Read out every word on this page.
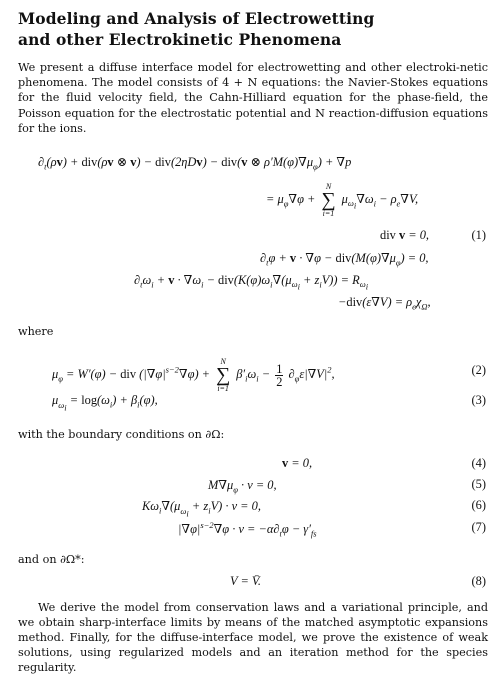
Modeling and Analysis of Electrowetting
and other Electrokinetic Phenomena

We present a diffuse interface model for electrowetting and other electroki-netic phenomena. The model consists of 4 + N equations: the Navier-Stokes equations for the fluid velocity field, the Cahn-Hilliard equation for the phase-field, the Poisson equation for the electrostatic potential and N reaction-diffusion equations for the ions.

$\partial_t(\rho v) + div(\rho v$ ⊗ v) − div(2ηDv) − div(v ⊗ $\rho'M(\varphi)\nabla\mu_\varphi) + \nabla p$
= $\mu_\varphi\nabla\varphi$ +
N
∑
i=1
$\mu_{\omega_i}\nabla\omega_i - \rho_e\nabla V$,
div v = 0,	(1)
$\partial_t\varphi + v \cdot \nabla\varphi - div(M(\varphi)\nabla\mu_\varphi) = 0$,
$\partial_t\omega_i + v \cdot \nabla\omega_i - div(K(\varphi)\omega_i\nabla(\mu_{\omega_i} + z_iV)) = R_{\omega_i}$
$-div(\varepsilon\nabla V) = \rho_e\chi_\Omega$,

where

$\mu_\varphi = W'(\varphi)$ − div $(|\nabla\varphi|^{s-2}\nabla\varphi)$ +
N
∑
i=1
$\beta'_i\omega_i - \frac{1}{2} \partial_\varphi\varepsilon|\nabla V|^2$,	(2)
$\mu_{\omega_i} = \log(\omega_i) + \beta_i(\varphi)$,	(3)

with the boundary conditions on ∂Ω:

v = 0,	(4)
$M\nabla\mu_\varphi \cdot \nu = 0$,	(5)
$K\omega_i\nabla(\mu_{\omega_i} + z_iV) \cdot \nu = 0$,	(6)
$|\nabla\varphi|^{s-2}\nabla\varphi \cdot \nu = -\alpha\partial_t\varphi - \gamma'_{fs}$	(7)

and on ∂Ω*:

V = V̄.	(8)

We derive the model from conservation laws and a variational principle, and we obtain sharp-interface limits by means of the matched asymptotic expansions method. Finally, for the diffuse-interface model, we prove the existence of weak solutions, using regularized models and an iteration method for the species regularity.
